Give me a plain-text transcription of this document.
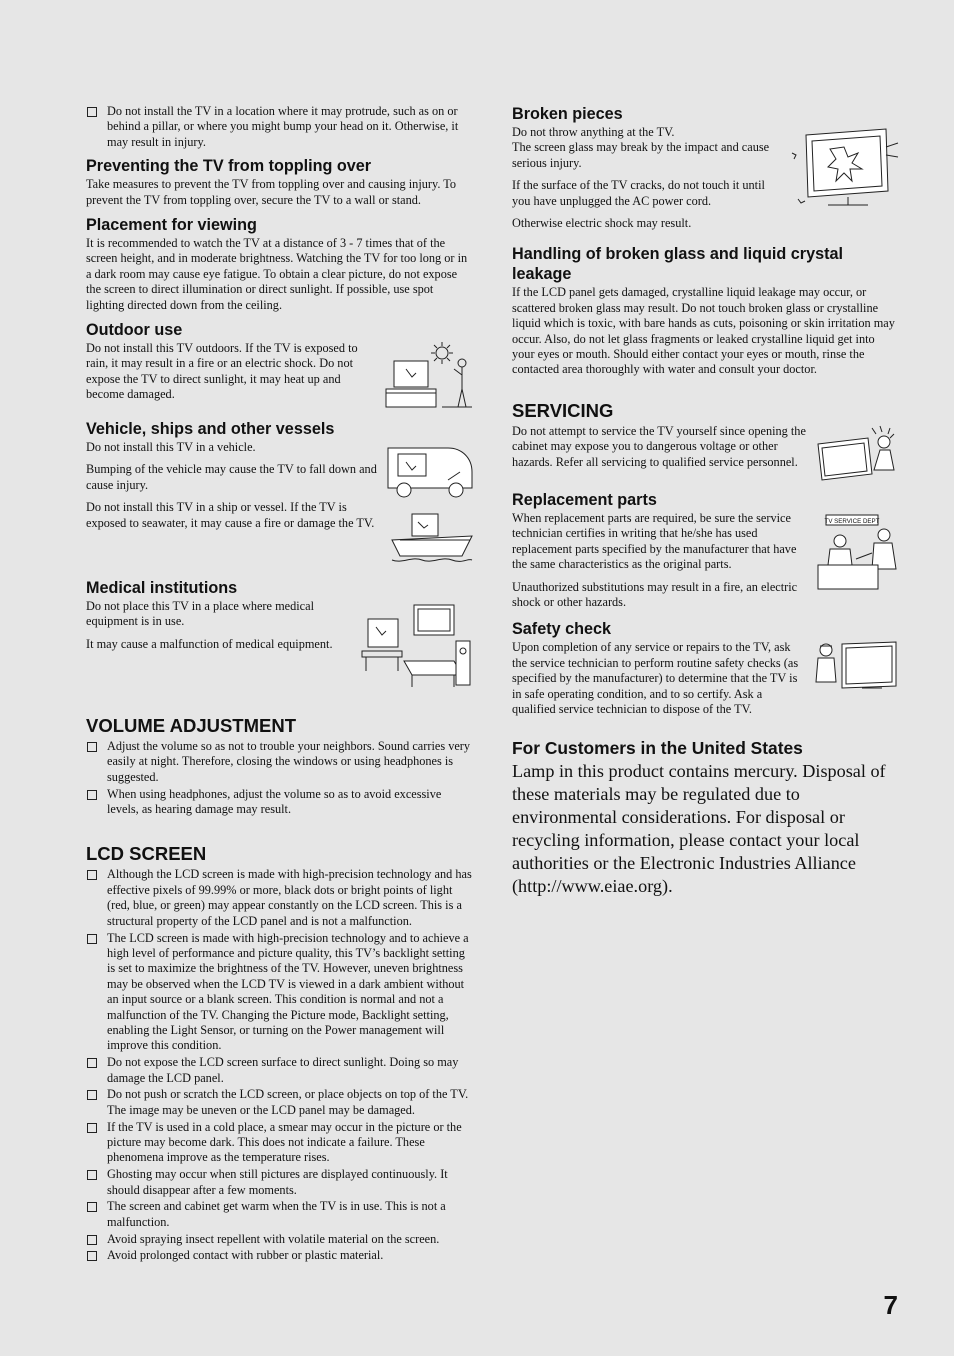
Do not install the TV in a location where it may protrude, such as on or behind a pillar, or where you might bump your head on it. Otherwise, it may result in injury.
Preventing the TV from toppling over

Take measures to prevent the TV from toppling over and causing injury. To prevent the TV from toppling over, secure the TV to a wall or stand.

Placement for viewing

It is recommended to watch the TV at a distance of 3 - 7 times that of the screen height, and in moderate brightness. Watching the TV for too long or in a dark room may cause eye fatigue. To obtain a clear picture, do not expose the screen to direct illumination or direct sunlight. If possible, use spot lighting directed down from the ceiling.

Outdoor use

Do not install this TV outdoors. If the TV is exposed to rain, it may result in a fire or an electric shock. Do not expose the TV to direct sunlight, it may heat up and become damaged.

Vehicle, ships and other vessels

Do not install this TV in a vehicle.

Bumping of the vehicle may cause the TV to fall down and cause injury.

Do not install this TV in a ship or vessel. If the TV is exposed to seawater, it may cause a fire or damage the TV.

Medical institutions

Do not place this TV in a place where medical equipment is in use.

It may cause a malfunction of medical equipment.

VOLUME ADJUSTMENT
Adjust the volume so as not to trouble your neighbors. Sound carries very easily at night. Therefore, closing the windows or using headphones is suggested.
When using headphones, adjust the volume so as to avoid excessive levels, as hearing damage may result.
LCD SCREEN
Although the LCD screen is made with high-precision technology and has effective pixels of 99.99% or more, black dots or bright points of light (red, blue, or green) may appear constantly on the LCD screen. This is a structural property of the LCD panel and is not a malfunction.
The LCD screen is made with high-precision technology and to achieve a high level of performance and picture quality, this TV’s backlight setting is set to maximize the brightness of the TV. However, uneven brightness may be observed when the LCD TV is viewed in a dark ambient without an input source or a blank screen. This condition is normal and not a malfunction of the TV. Changing the Picture mode, Backlight setting, enabling the Light Sensor, or turning on the Power management will improve this condition.
Do not expose the LCD screen surface to direct sunlight. Doing so may damage the LCD panel.
Do not push or scratch the LCD screen, or place objects on top of the TV. The image may be uneven or the LCD panel may be damaged.
If the TV is used in a cold place, a smear may occur in the picture or the picture may become dark. This does not indicate a failure. These phenomena improve as the temperature rises.
Ghosting may occur when still pictures are displayed continuously. It should disappear after a few moments.
The screen and cabinet get warm when the TV is in use. This is not a malfunction.
Avoid spraying insect repellent with volatile material on the screen.
Avoid prolonged contact with rubber or plastic material.
Broken pieces

Do not throw anything at the TV.
The screen glass may break by the impact and cause serious injury.

If the surface of the TV cracks, do not touch it until you have unplugged the AC power cord.

Otherwise electric shock may result.

Handling of broken glass and liquid crystal leakage

If the LCD panel gets damaged, crystalline liquid leakage may occur, or scattered broken glass may result. Do not touch broken glass or crystalline liquid which is toxic, with bare hands as cuts, poisoning or skin irritation may occur. Also, do not let glass fragments or leaked crystalline liquid get into your eyes or mouth. Should either contact your eyes or mouth, rinse the contacted area thoroughly with water and consult your doctor.

SERVICING

Do not attempt to service the TV yourself since opening the cabinet may expose you to dangerous voltage or other hazards. Refer all servicing to qualified service personnel.

Replacement parts
TV SERVICE DEPT

When replacement parts are required, be sure the service technician certifies in writing that he/she has used replacement parts specified by the manufacturer that have the same characteristics as the original parts.

Unauthorized substitutions may result in a fire, an electric shock or other hazards.

Safety check

Upon completion of any service or repairs to the TV, ask the service technician to perform routine safety checks (as specified by the manufacturer) to determine that the TV is in safe operating condition, and to so certify. Ask a qualified service technician to dispose of the TV.

For Customers in the United States

Lamp in this product contains mercury. Disposal of these materials may be regulated due to environmental considerations. For disposal or recycling information, please contact your local authorities or the Electronic Industries Alliance (http://www.eiae.org).

7
